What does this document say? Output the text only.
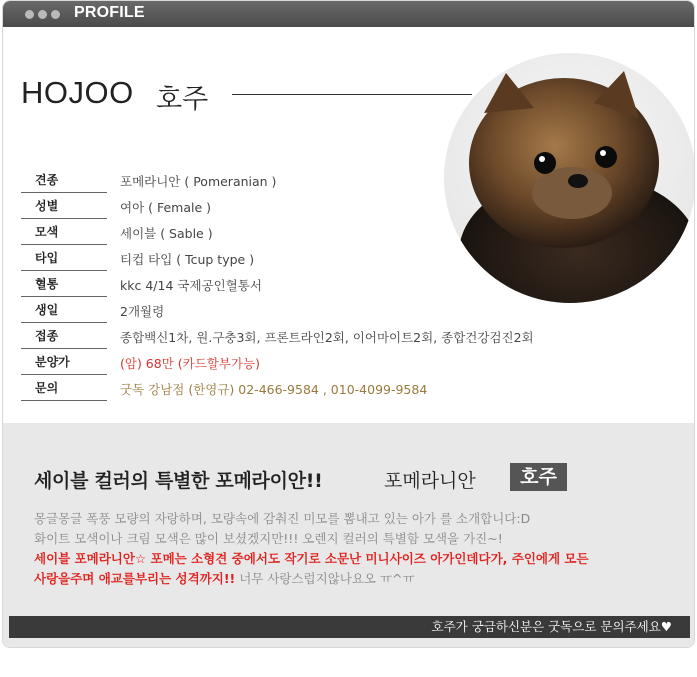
PROFILE
HOJOO 호주
견종	포메라니안 ( Pomeranian )
성별	여아 ( Female )
모색	세이블 ( Sable )
타입	티컵 타입 ( Tcup type )
혈통	kkc 4/14 국제공인혈통서
생일	2개월령
접종	종합백신1차, 원.구충3회, 프론트라인2회, 이어마이트2회, 종합건강검진2회
분양가	(암) 68만 (카드할부가능)
문의	굿독 강남점 (한영규) 02-466-9584 , 010-4099-9584
세이블 컬러의 특별한 포메라이안!!	포메라니안	호주
몽글몽글 폭풍 모량의 자랑하며, 모량속에 감춰진 미모를 뽐내고 있는 아가 를 소개합니다:D
화이트 모색이나 크림 모색은 많이 보셨겠지만!!! 오렌지 컬러의 특별함 모색을 가진~!
세이블 포메라니안☆ 포메는 소형견 중에서도 작기로 소문난 미니사이즈 아가인데다가, 주인에게 모든
사랑을주며 애교를부리는 성격까지!! 너무 사랑스럽지않나요오 ㅠ^ㅠ
호주가 궁금하신분은 굿독으로 문의주세요♥
